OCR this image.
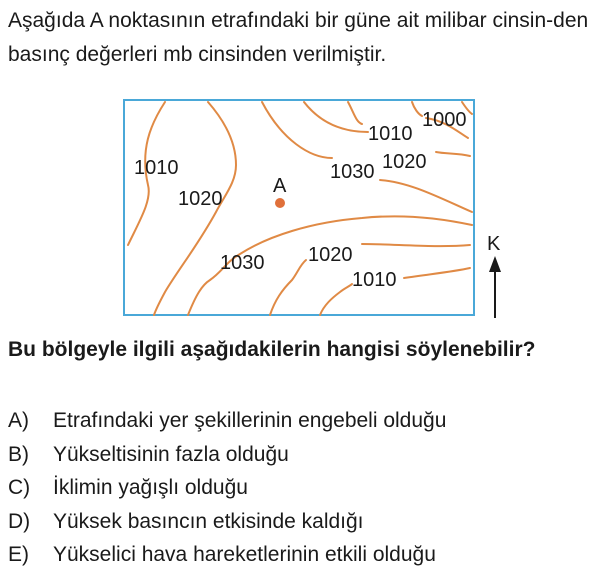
Aşağıda A noktasının etrafındaki bir güne ait milibar cinsin-den basınç değerleri mb cinsinden verilmiştir.

1000
1010
1020
1030
1010
1020
1030 1020
1010
A
K

Bu bölgeyle ilgili aşağıdakilerin hangisi söylenebilir?

A)	Etrafındaki yer şekillerinin engebeli olduğu
B)	Yükseltisinin fazla olduğu
C)	İklimin yağışlı olduğu
D)	Yüksek basıncın etkisinde kaldığı
E)	Yükselici hava hareketlerinin etkili olduğu
